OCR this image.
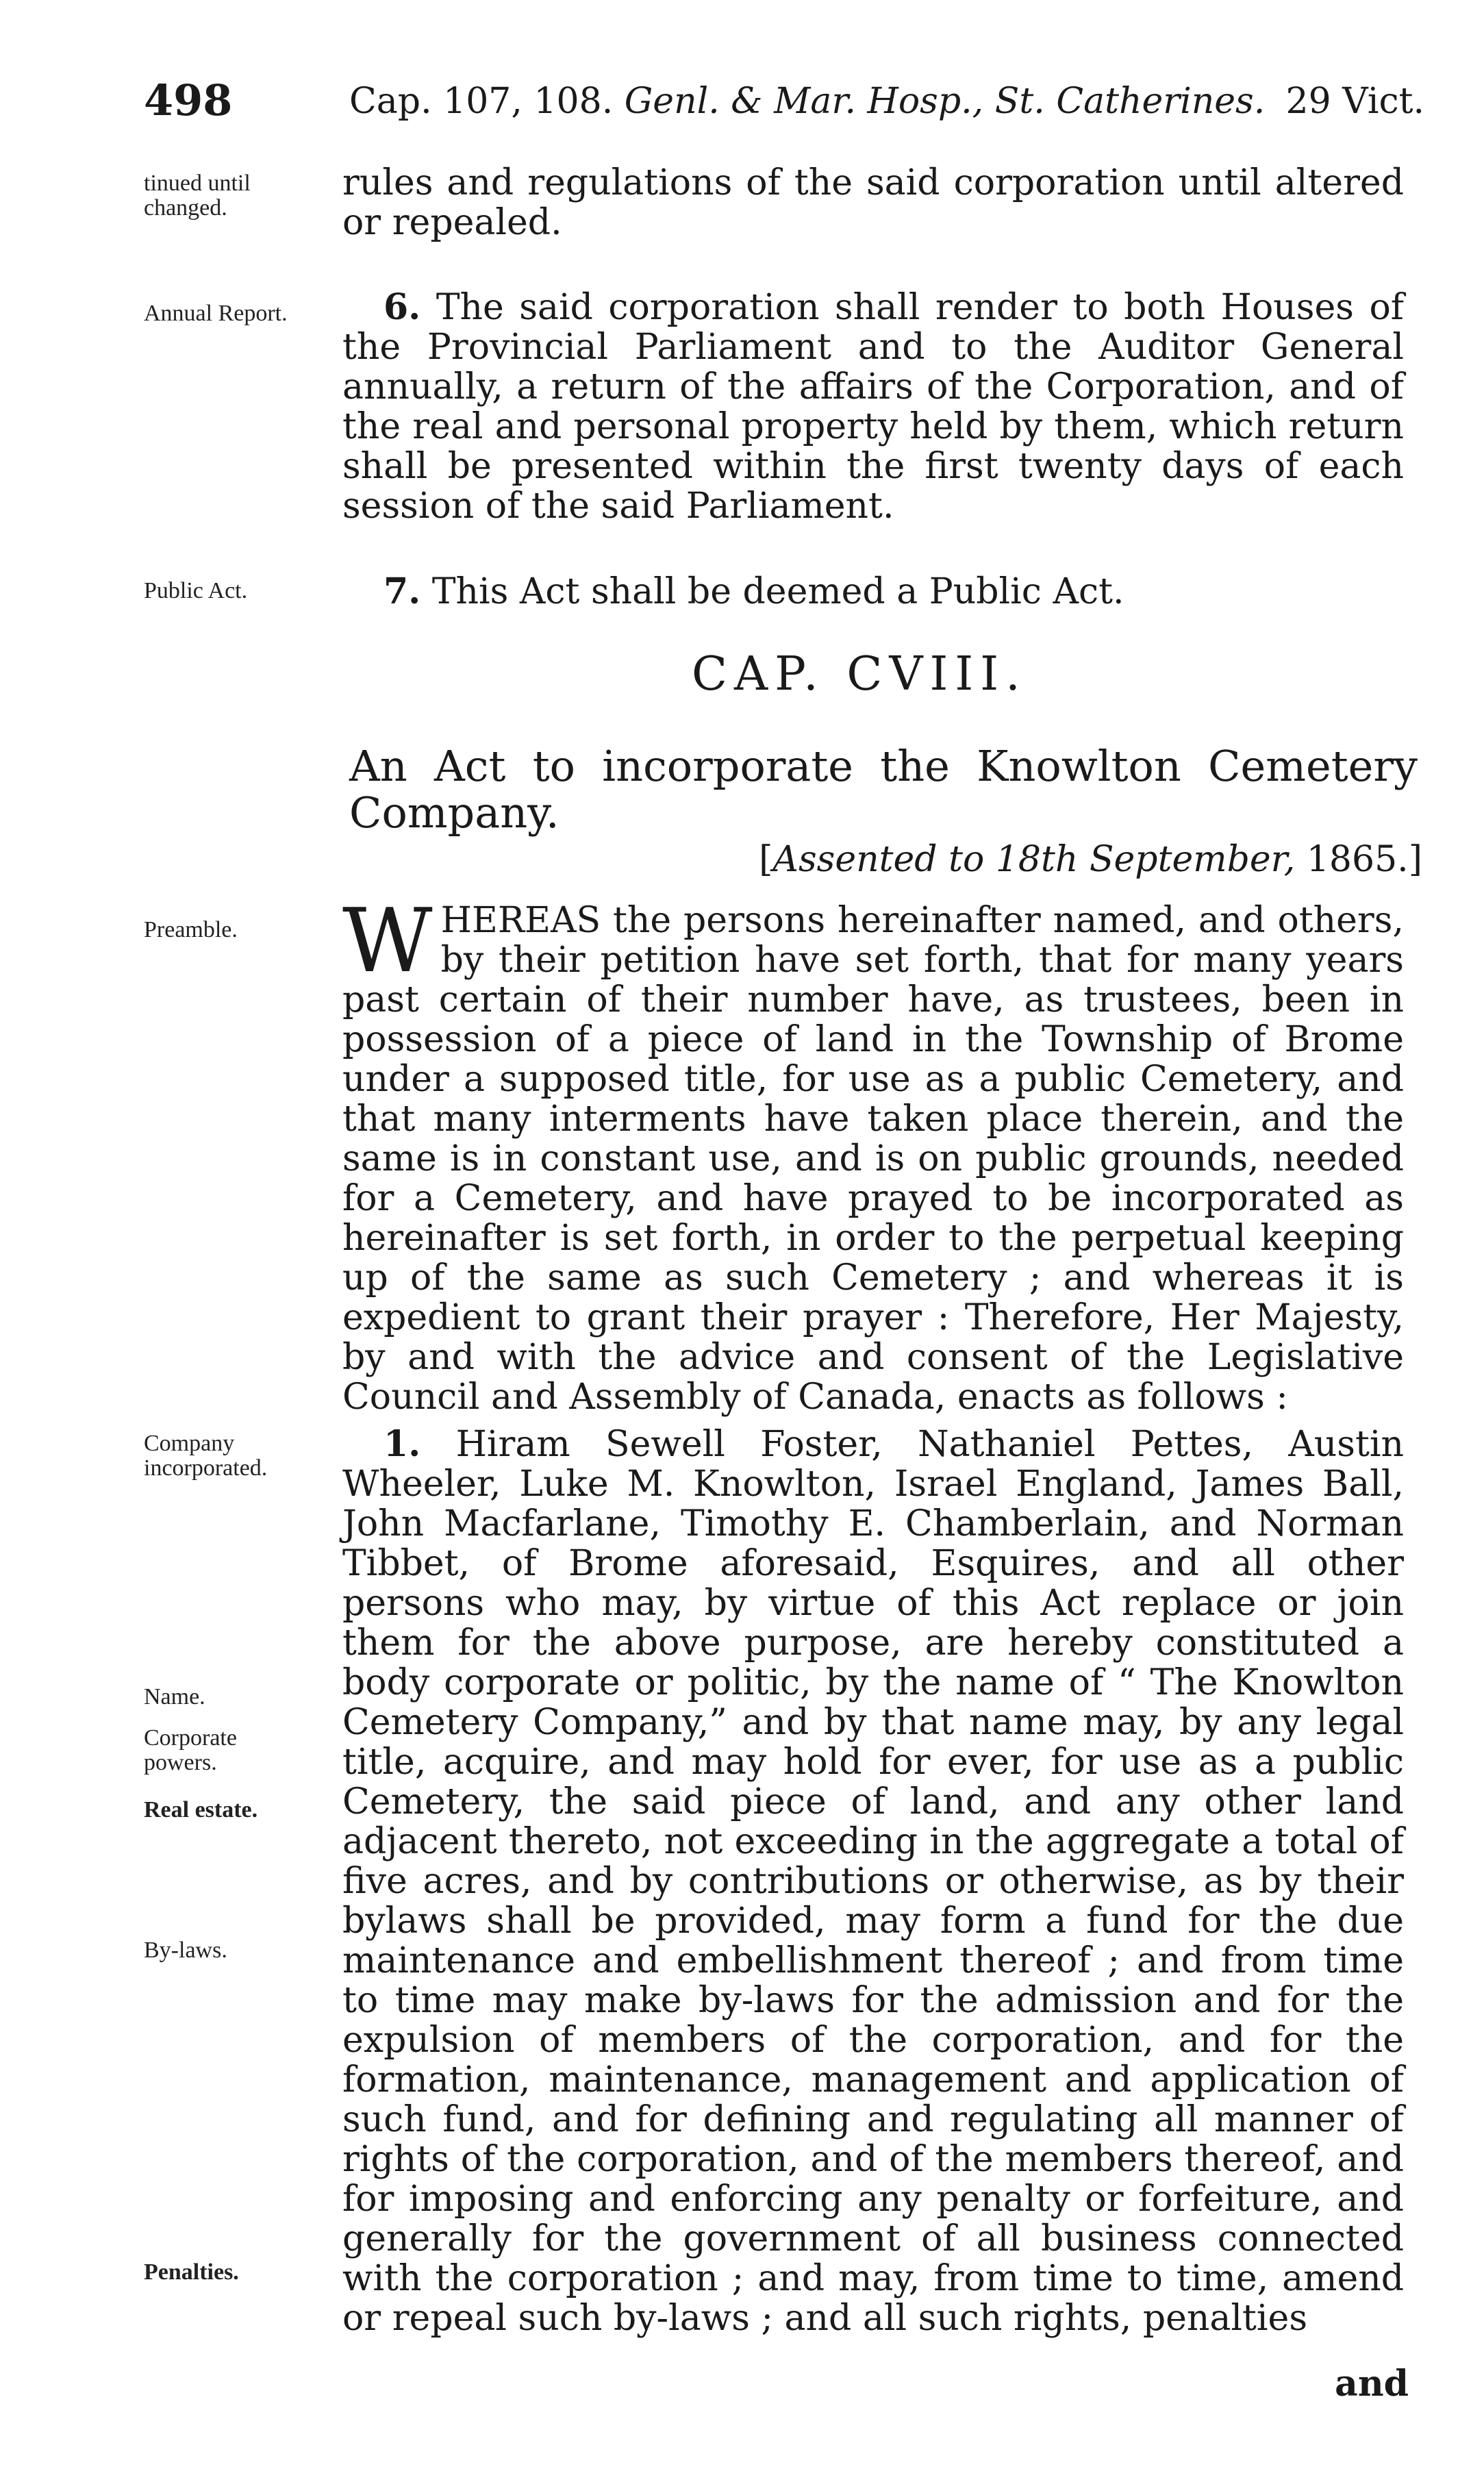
498	Cap. 107, 108. Genl. & Mar. Hosp., St. Catherines. 29 Vict.
tinued until changed.
Annual Report.
Public Act.
Preamble.
Company incorporated.
Name.
Corporate powers.
Real estate.
By-laws.
Penalties.
rules and regulations of the said corporation until altered or repealed.
6. The said corporation shall render to both Houses of the Provincial Parliament and to the Auditor General annually, a return of the affairs of the Corporation, and of the real and personal property held by them, which return shall be presented within the first twenty days of each session of the said Parliament.
7. This Act shall be deemed a Public Act.
CAP. CVIII.
An Act to incorporate the Knowlton Cemetery Company.
[Assented to 18th September, 1865.]
W HEREAS the persons hereinafter named, and others, by their petition have set forth, that for many years past certain of their number have, as trustees, been in possession of a piece of land in the Township of Brome under a supposed title, for use as a public Cemetery, and that many interments have taken place therein, and the same is in constant use, and is on public grounds, needed for a Cemetery, and have prayed to be incorporated as hereinafter is set forth, in order to the perpetual keeping up of the same as such Cemetery ; and whereas it is expedient to grant their prayer : Therefore, Her Majesty, by and with the advice and consent of the Legislative Council and Assembly of Canada, enacts as follows :
1. Hiram Sewell Foster, Nathaniel Pettes, Austin Wheeler, Luke M. Knowlton, Israel England, James Ball, John Macfarlane, Timothy E. Chamberlain, and Norman Tibbet, of Brome aforesaid, Esquires, and all other persons who may, by virtue of this Act replace or join them for the above purpose, are hereby constituted a body corporate or politic, by the name of “ The Knowlton Cemetery Company,” and by that name may, by any legal title, acquire, and may hold for ever, for use as a public Cemetery, the said piece of land, and any other land adjacent thereto, not exceeding in the aggregate a total of five acres, and by contributions or otherwise, as by their bylaws shall be provided, may form a fund for the due maintenance and embellishment thereof ; and from time to time may make by-laws for the admission and for the expulsion of members of the corporation, and for the formation, maintenance, management and application of such fund, and for defining and regulating all manner of rights of the corporation, and of the members thereof, and for imposing and enforcing any penalty or forfeiture, and generally for the government of all business connected with the corporation ; and may, from time to time, amend or repeal such by-laws ; and all such rights, penalties
and
